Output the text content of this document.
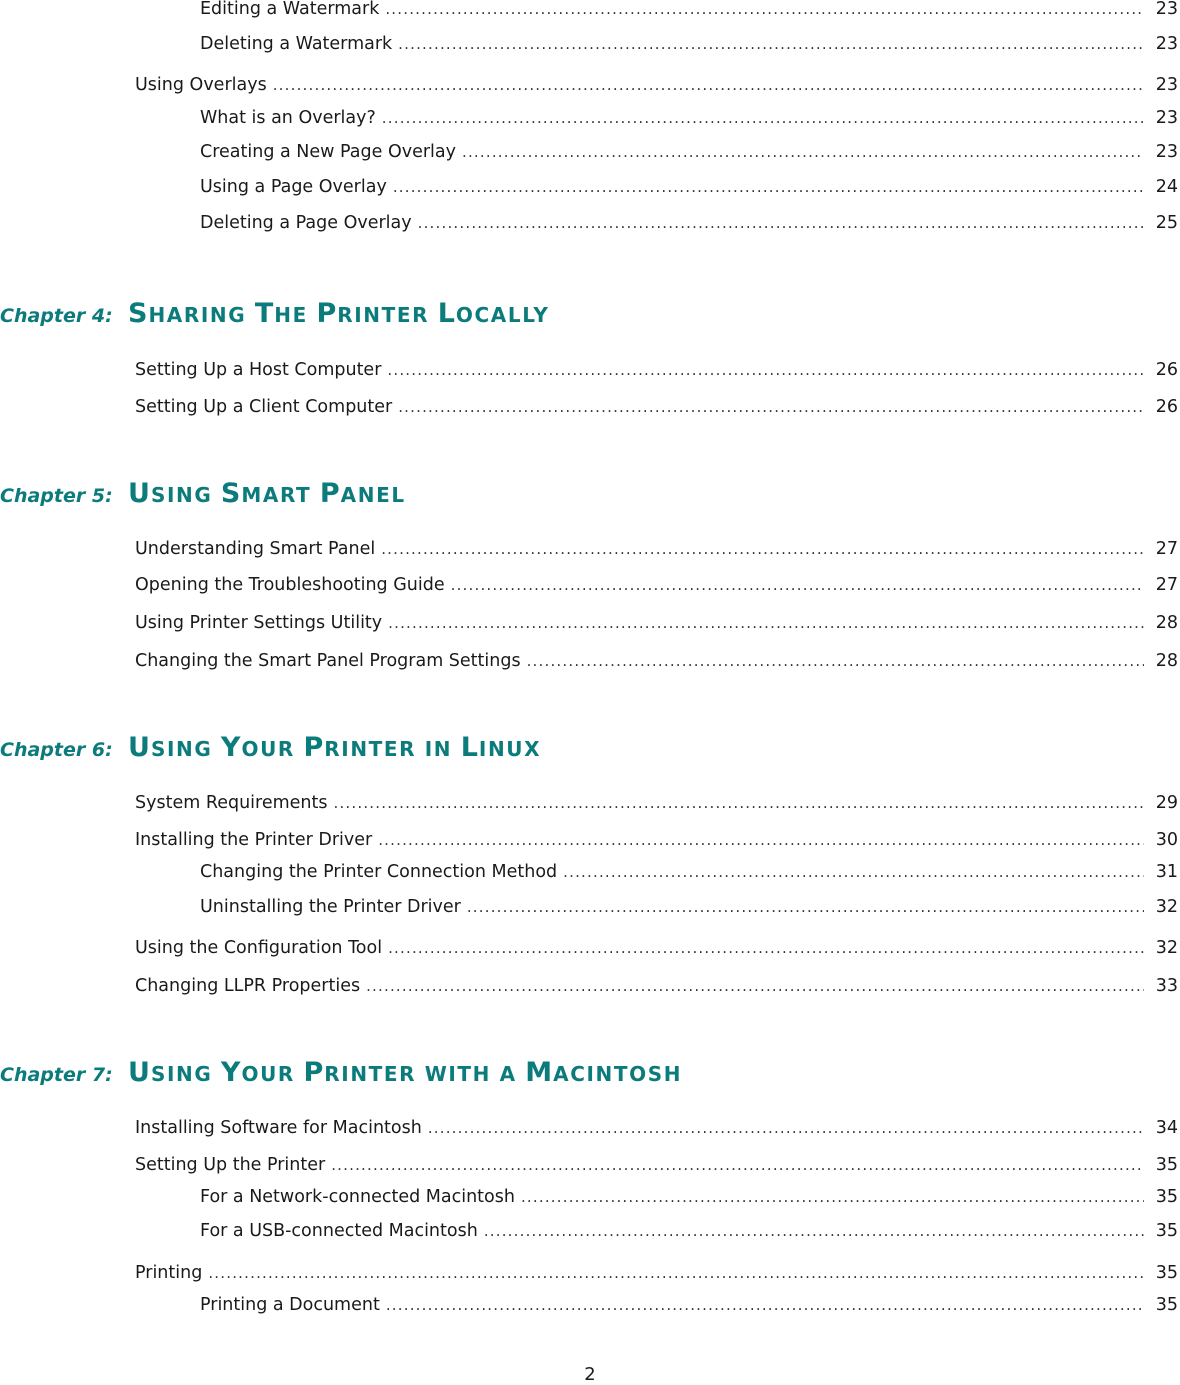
Editing a Watermark .....	23
Deleting a Watermark .....	23
Using Overlays .....	23
What is an Overlay? .....	23
Creating a New Page Overlay .....	23
Using a Page Overlay .....	24
Deleting a Page Overlay .....	25
Chapter 4: SHARING THE PRINTER LOCALLY
Setting Up a Host Computer .....	26
Setting Up a Client Computer .....	26
Chapter 5: USING SMART PANEL
Understanding Smart Panel .....	27
Opening the Troubleshooting Guide .....	27
Using Printer Settings Utility .....	28
Changing the Smart Panel Program Settings .....	28
Chapter 6: USING YOUR PRINTER IN LINUX
System Requirements .....	29
Installing the Printer Driver .....	30
Changing the Printer Connection Method .....	31
Uninstalling the Printer Driver .....	32
Using the Configuration Tool .....	32
Changing LLPR Properties .....	33
Chapter 7: USING YOUR PRINTER WITH A MACINTOSH
Installing Software for Macintosh .....	34
Setting Up the Printer .....	35
For a Network-connected Macintosh .....	35
For a USB-connected Macintosh .....	35
Printing .....	35
Printing a Document .....	35
2
